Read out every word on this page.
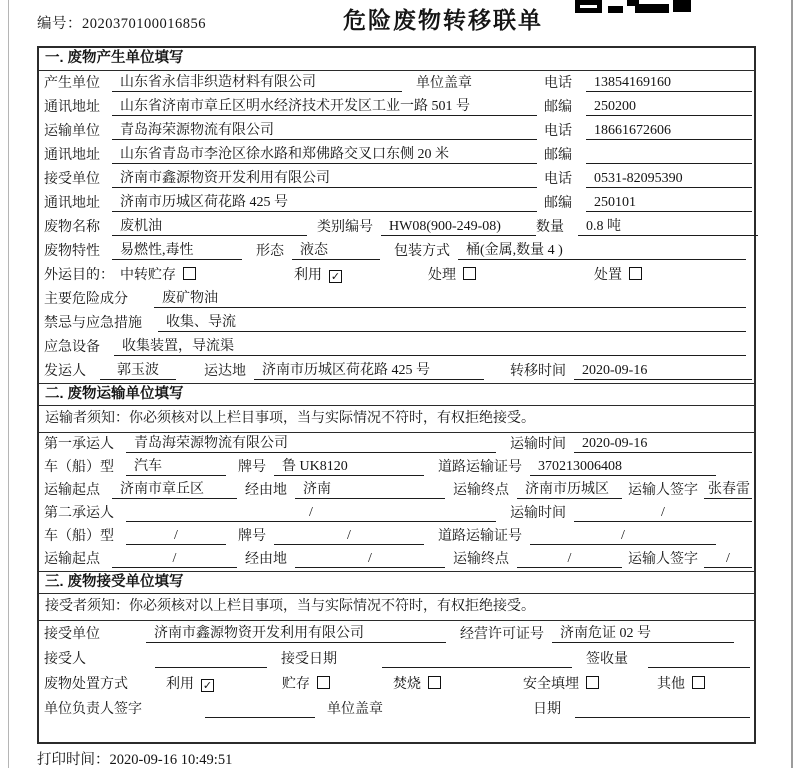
编号：2020370100016856	危险废物转移联单
一. 废物产生单位填写
产生单位	山东省永信非织造材料有限公司	单位盖章	电话	13854169160
通讯地址	山东省济南市章丘区明水经济技术开发区工业一路 501 号	邮编	250200
运输单位	青岛海荣源物流有限公司	电话	18661672606
通讯地址	山东省青岛市李沧区徐水路和郑佛路交叉口东侧 20 米	邮编
接受单位	济南市鑫源物资开发利用有限公司	电话	0531-82095390
通讯地址	济南市历城区荷花路 425 号	邮编	250101
废物名称	废机油	类别编号	HW08(900-249-08)	数量	0.8 吨
废物特性	易燃性,毒性	形态	液态	包装方式	桶(金属,数量 4 )
外运目的： 中转贮存	利用 ✓	处理	处置
主要危险成分	废矿物油
禁忌与应急措施	收集、导流
应急设备	收集装置，导流渠
发运人	郭玉波	运达地	济南市历城区荷花路 425 号	转移时间	2020-09-16
二. 废物运输单位填写
运输者须知：你必须核对以上栏目事项，当与实际情况不符时，有权拒绝接受。
第一承运人	青岛海荣源物流有限公司	运输时间	2020-09-16
车（船）型	汽车	牌号	鲁 UK8120	道路运输证号	370213006408
运输起点	济南市章丘区	经由地	济南	运输终点	济南市历城区	运输人签字 张春雷
第二承运人	/	运输时间	/
车（船）型	/	牌号	/	道路运输证号	/
运输起点	/	经由地	/	运输终点	/	运输人签字	/
三. 废物接受单位填写
接受者须知：你必须核对以上栏目事项，当与实际情况不符时，有权拒绝接受。
接受单位	济南市鑫源物资开发利用有限公司	经营许可证号	济南危证 02 号
接受人	接受日期	签收量
废物处置方式	利用 ✓	贮存	焚烧	安全填埋	其他
单位负责人签字	单位盖章	日期
打印时间：2020-09-16 10:49:51
